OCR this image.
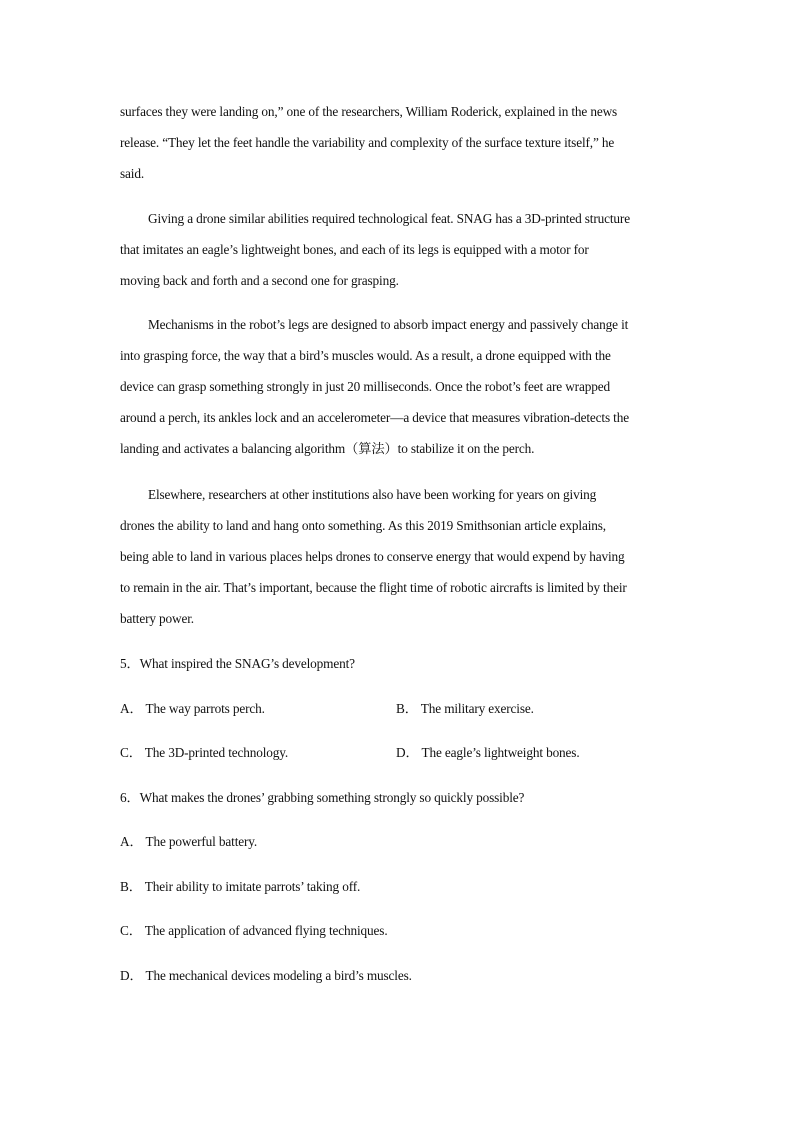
surfaces they were landing on,” one of the researchers, William Roderick, explained in the news
release. “They let the feet handle the variability and complexity of the surface texture itself,” he
said.
Giving a drone similar abilities required technological feat. SNAG has a 3D-printed structure
that imitates an eagle’s lightweight bones, and each of its legs is equipped with a motor for
moving back and forth and a second one for grasping.
Mechanisms in the robot’s legs are designed to absorb impact energy and passively change it
into grasping force, the way that a bird’s muscles would. As a result, a drone equipped with the
device can grasp something strongly in just 20 milliseconds. Once the robot’s feet are wrapped
around a perch, its ankles lock and an accelerometer—a device that measures vibration-detects the
landing and activates a balancing algorithm（算法）to stabilize it on the perch.
Elsewhere, researchers at other institutions also have been working for years on giving
drones the ability to land and hang onto something. As this 2019 Smithsonian article explains,
being able to land in various places helps drones to conserve energy that would expend by having
to remain in the air. That’s important, because the flight time of robotic aircrafts is limited by their
battery power.
5．What inspired the SNAG’s development?
A． The way parrots perch.	B． The military exercise.
C． The 3D-printed technology.	D． The eagle’s lightweight bones.
6．What makes the drones’ grabbing something strongly so quickly possible?
A． The powerful battery.
B． Their ability to imitate parrots’ taking off.
C． The application of advanced flying techniques.
D． The mechanical devices modeling a bird’s muscles.
